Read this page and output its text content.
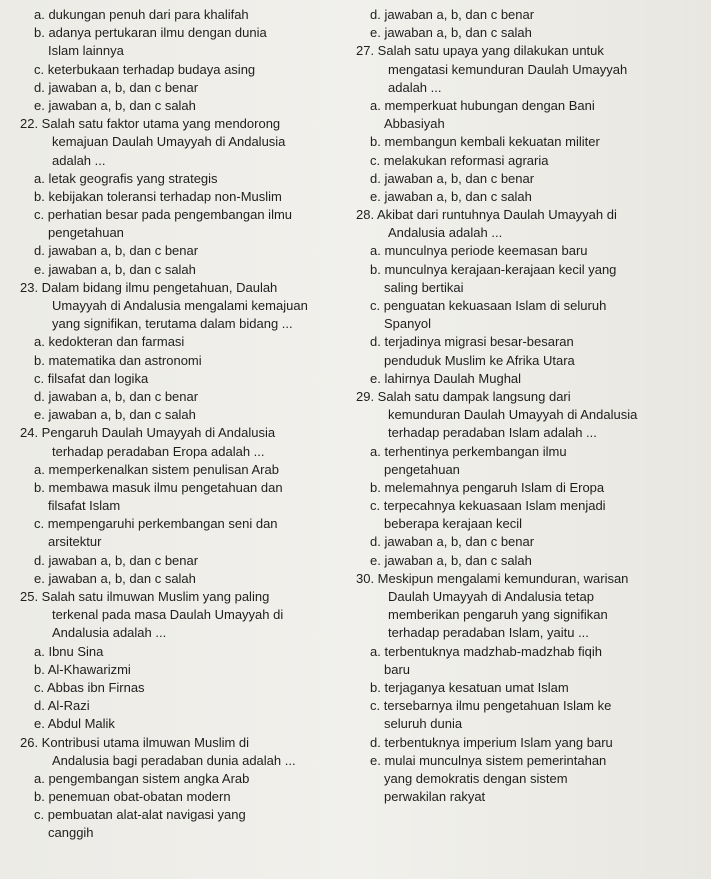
a. dukungan penuh dari para khalifah
b. adanya pertukaran ilmu dengan dunia
Islam lainnya
c. keterbukaan terhadap budaya asing
d. jawaban a, b, dan c benar
e. jawaban a, b, dan c salah
22. Salah satu faktor utama yang mendorong
kemajuan Daulah Umayyah di Andalusia
adalah ...
a. letak geografis yang strategis
b. kebijakan toleransi terhadap non-Muslim
c. perhatian besar pada pengembangan ilmu
pengetahuan
d. jawaban a, b, dan c benar
e. jawaban a, b, dan c salah
23. Dalam bidang ilmu pengetahuan, Daulah
Umayyah di Andalusia mengalami kemajuan
yang signifikan, terutama dalam bidang ...
a. kedokteran dan farmasi
b. matematika dan astronomi
c. filsafat dan logika
d. jawaban a, b, dan c benar
e. jawaban a, b, dan c salah
24. Pengaruh Daulah Umayyah di Andalusia
terhadap peradaban Eropa adalah ...
a. memperkenalkan sistem penulisan Arab
b. membawa masuk ilmu pengetahuan dan
filsafat Islam
c. mempengaruhi perkembangan seni dan
arsitektur
d. jawaban a, b, dan c benar
e. jawaban a, b, dan c salah
25. Salah satu ilmuwan Muslim yang paling
terkenal pada masa Daulah Umayyah di
Andalusia adalah ...
a. Ibnu Sina
b. Al-Khawarizmi
c. Abbas ibn Firnas
d. Al-Razi
e. Abdul Malik
26. Kontribusi utama ilmuwan Muslim di
Andalusia bagi peradaban dunia adalah ...
a. pengembangan sistem angka Arab
b. penemuan obat-obatan modern
c. pembuatan alat-alat navigasi yang
canggih
d. jawaban a, b, dan c benar
e. jawaban a, b, dan c salah
27. Salah satu upaya yang dilakukan untuk
mengatasi kemunduran Daulah Umayyah
adalah ...
a. memperkuat hubungan dengan Bani
Abbasiyah
b. membangun kembali kekuatan militer
c. melakukan reformasi agraria
d. jawaban a, b, dan c benar
e. jawaban a, b, dan c salah
28. Akibat dari runtuhnya Daulah Umayyah di
Andalusia adalah ...
a. munculnya periode keemasan baru
b. munculnya kerajaan-kerajaan kecil yang
saling bertikai
c. penguatan kekuasaan Islam di seluruh
Spanyol
d. terjadinya migrasi besar-besaran
penduduk Muslim ke Afrika Utara
e. lahirnya Daulah Mughal
29. Salah satu dampak langsung dari
kemunduran Daulah Umayyah di Andalusia
terhadap peradaban Islam adalah ...
a. terhentinya perkembangan ilmu
pengetahuan
b. melemahnya pengaruh Islam di Eropa
c. terpecahnya kekuasaan Islam menjadi
beberapa kerajaan kecil
d. jawaban a, b, dan c benar
e. jawaban a, b, dan c salah
30. Meskipun mengalami kemunduran, warisan
Daulah Umayyah di Andalusia tetap
memberikan pengaruh yang signifikan
terhadap peradaban Islam, yaitu ...
a. terbentuknya madzhab-madzhab fiqih
baru
b. terjaganya kesatuan umat Islam
c. tersebarnya ilmu pengetahuan Islam ke
seluruh dunia
d. terbentuknya imperium Islam yang baru
e. mulai munculnya sistem pemerintahan
yang demokratis dengan sistem
perwakilan rakyat
